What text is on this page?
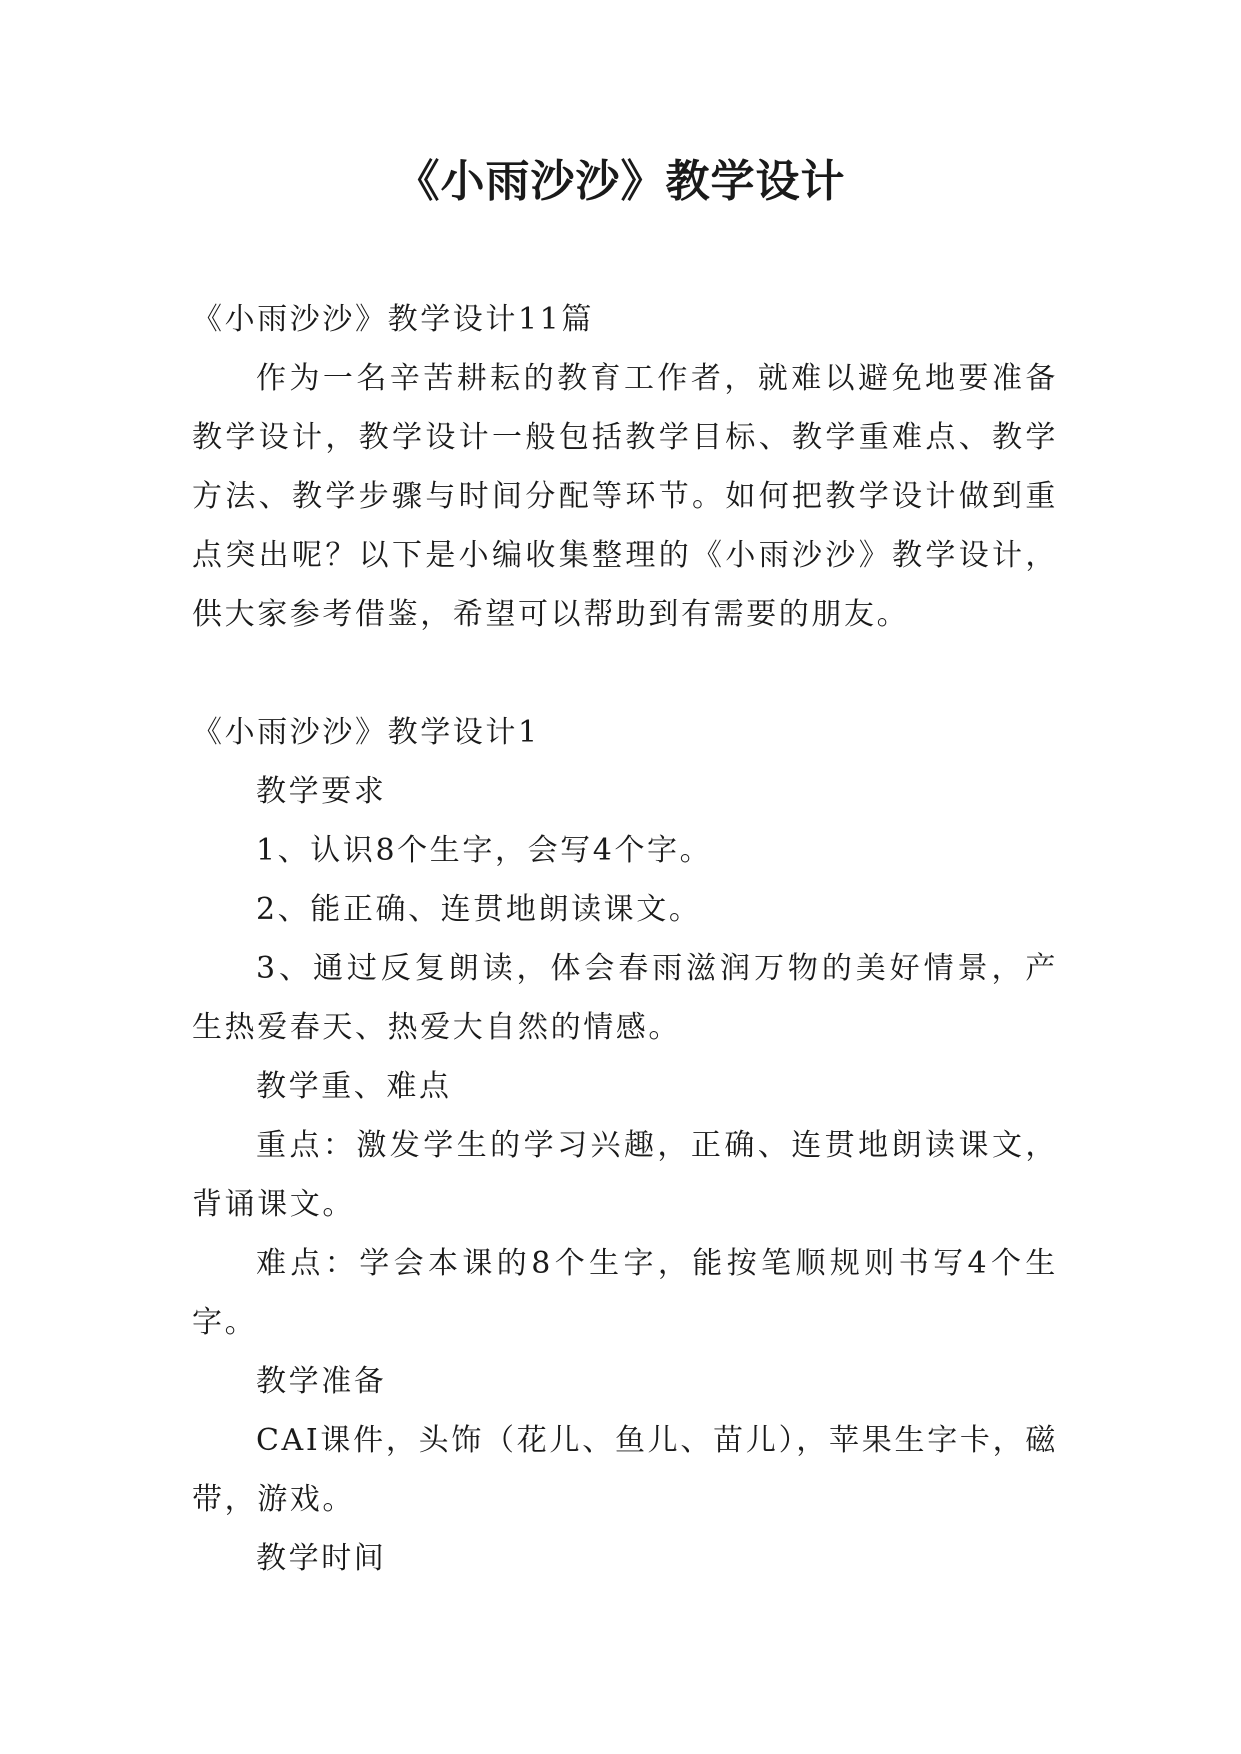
《小雨沙沙》教学设计

《小雨沙沙》教学设计11篇

作为一名辛苦耕耘的教育工作者，就难以避免地要准备教学设计，教学设计一般包括教学目标、教学重难点、教学方法、教学步骤与时间分配等环节。如何把教学设计做到重点突出呢？以下是小编收集整理的《小雨沙沙》教学设计，供大家参考借鉴，希望可以帮助到有需要的朋友。

《小雨沙沙》教学设计1

教学要求

1、认识8个生字，会写4个字。

2、能正确、连贯地朗读课文。

3、通过反复朗读，体会春雨滋润万物的美好情景，产生热爱春天、热爱大自然的情感。

教学重、难点

重点：激发学生的学习兴趣，正确、连贯地朗读课文，背诵课文。

难点：学会本课的8个生字，能按笔顺规则书写4个生字。

教学准备

CAI课件，头饰（花儿、鱼儿、苗儿），苹果生字卡，磁带，游戏。

教学时间
